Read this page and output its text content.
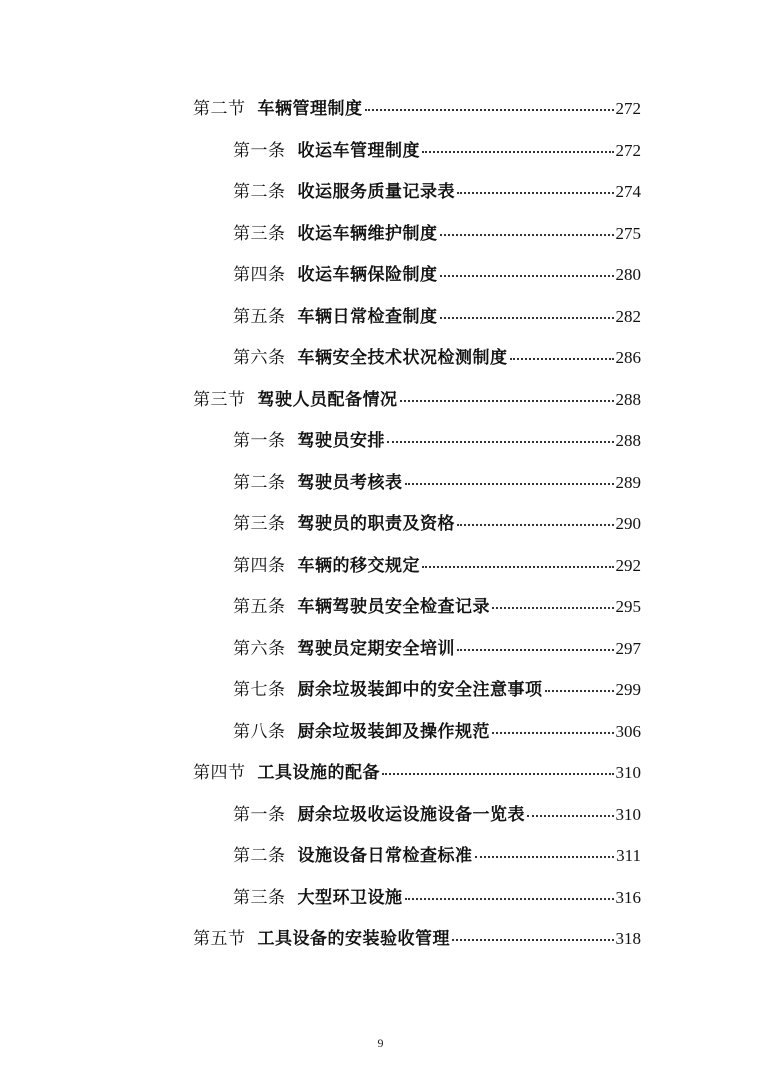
第二节 车辆管理制度	272
第一条 收运车管理制度	272
第二条 收运服务质量记录表	274
第三条 收运车辆维护制度	275
第四条 收运车辆保险制度	280
第五条 车辆日常检查制度	282
第六条 车辆安全技术状况检测制度	286
第三节 驾驶人员配备情况	288
第一条 驾驶员安排	288
第二条 驾驶员考核表	289
第三条 驾驶员的职责及资格	290
第四条 车辆的移交规定	292
第五条 车辆驾驶员安全检查记录	295
第六条 驾驶员定期安全培训	297
第七条 厨余垃圾装卸中的安全注意事项	299
第八条 厨余垃圾装卸及操作规范	306
第四节 工具设施的配备	310
第一条 厨余垃圾收运设施设备一览表	310
第二条 设施设备日常检查标准	311
第三条 大型环卫设施	316
第五节 工具设备的安装验收管理	318
9
